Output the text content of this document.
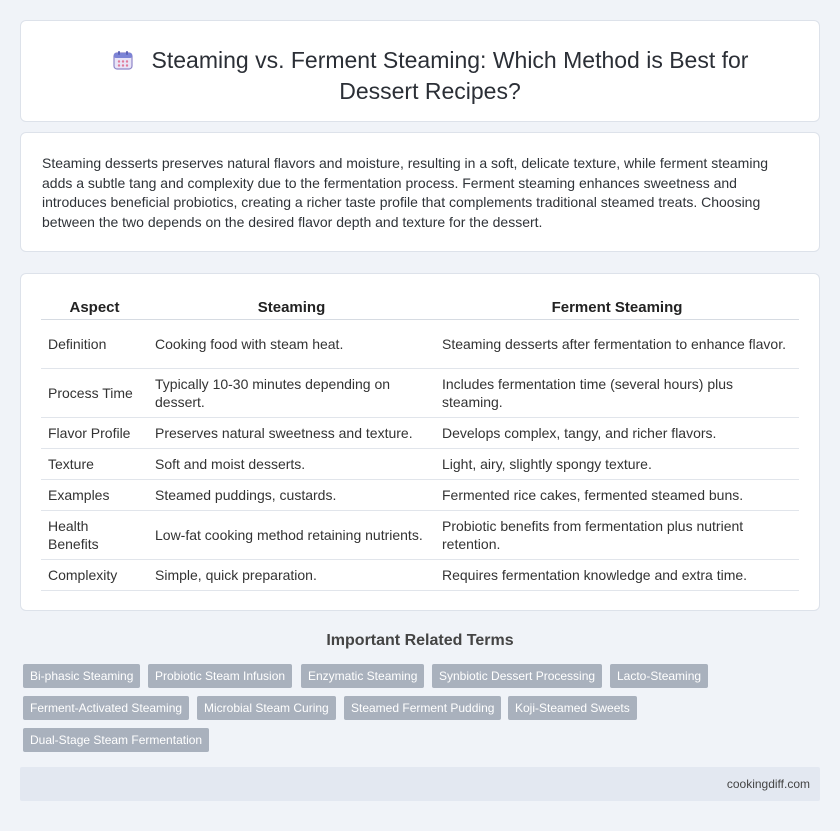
Steaming vs. Ferment Steaming: Which Method is Best for Dessert Recipes?

Steaming desserts preserves natural flavors and moisture, resulting in a soft, delicate texture, while ferment steaming adds a subtle tang and complexity due to the fermentation process. Ferment steaming enhances sweetness and introduces beneficial probiotics, creating a richer taste profile that complements traditional steamed treats. Choosing between the two depends on the desired flavor depth and texture for the dessert.

Aspect	Steaming	Ferment Steaming
Definition	Cooking food with steam heat.	Steaming desserts after fermentation to enhance flavor.
Process Time	Typically 10-30 minutes depending on dessert.	Includes fermentation time (several hours) plus steaming.
Flavor Profile	Preserves natural sweetness and texture.	Develops complex, tangy, and richer flavors.
Texture	Soft and moist desserts.	Light, airy, slightly spongy texture.
Examples	Steamed puddings, custards.	Fermented rice cakes, fermented steamed buns.
Health Benefits	Low-fat cooking method retaining nutrients.	Probiotic benefits from fermentation plus nutrient retention.
Complexity	Simple, quick preparation.	Requires fermentation knowledge and extra time.
Important Related Terms
Bi-phasic Steaming	Probiotic Steam Infusion	Enzymatic Steaming	Synbiotic Dessert Processing	Lacto-Steaming
Ferment-Activated Steaming	Microbial Steam Curing	Steamed Ferment Pudding	Koji-Steamed Sweets
Dual-Stage Steam Fermentation
cookingdiff.com
